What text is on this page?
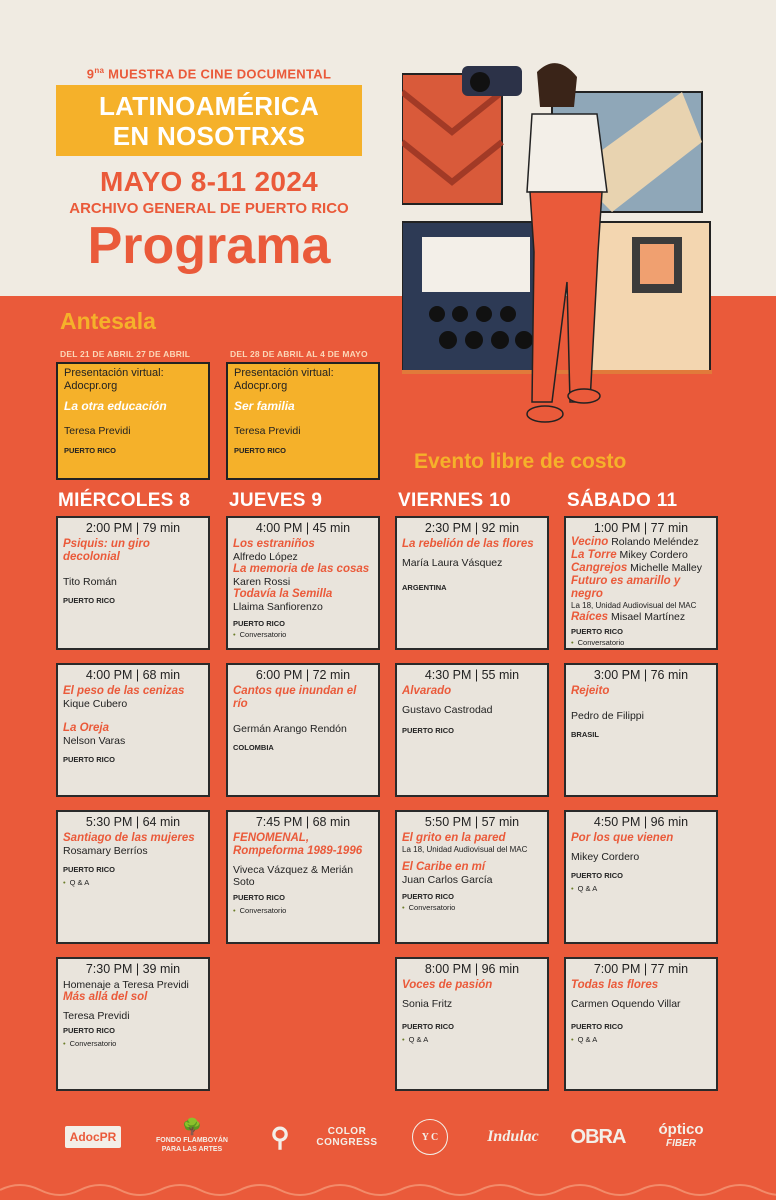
$9^{na}$ MUESTRA DE CINE DOCUMENTAL
LATINOAMÉRICA
EN NOSOTRXS
MAYO 8-11 2024
ARCHIVO GENERAL DE PUERTO RICO
Programa
Antesala
DEL 21 DE ABRIL 27 DE ABRIL
Presentación virtual:
Adocpr.org
La otra educación
Teresa Previdi
PUERTO RICO
DEL 28 DE ABRIL AL 4 DE MAYO
Presentación virtual:
Adocpr.org
Ser familia
Teresa Previdi
PUERTO RICO	Evento libre de costo
MIÉRCOLES 8 JUEVES 9	VIERNES 10	SÁBADO 11
2:00 PM | 79 min
Psiquis: un giro decolonial
Tito Román
PUERTO RICO
4:00 PM | 68 min
El peso de las cenizas
Kique Cubero
La Oreja
Nelson Varas
PUERTO RICO
5:30 PM | 64 min
Santiago de las mujeres
Rosamary Berríos
PUERTO RICO
• Q & A
7:30 PM | 39 min
Homenaje a Teresa Previdi
Más allá del sol
Teresa Previdi
PUERTO RICO
• Conversatorio
4:00 PM | 45 min
Los estraniños
Alfredo López
La memoria de las cosas
Karen Rossi
Todavía la Semilla
Llaima Sanfiorenzo
PUERTO RICO
• Conversatorio
6:00 PM | 72 min
Cantos que inundan el río
Germán Arango Rendón
COLOMBIA
7:45 PM | 68 min
FENOMENAL, Rompeforma 1989-1996
Viveca Vázquez & Merián Soto
PUERTO RICO
• Conversatorio
2:30 PM | 92 min
La rebelión de las flores
María Laura Vásquez
ARGENTINA
4:30 PM | 55 min
Alvarado
Gustavo Castrodad
PUERTO RICO
5:50 PM | 57 min
El grito en la pared
La 18, Unidad Audiovisual del MAC
El Caribe en mí
Juan Carlos García
PUERTO RICO
• Conversatorio
8:00 PM | 96 min
Voces de pasión
Sonia Fritz
PUERTO RICO
• Q & A
1:00 PM | 77 min
Vecino Rolando Meléndez
La Torre Mikey Cordero
Cangrejos Michelle Malley
Futuro es amarillo y negro
La 18, Unidad Audiovisual del MAC
Raíces Misael Martínez
PUERTO RICO
• Conversatorio
3:00 PM | 76 min
Rejeito
Pedro de Filippi
BRASIL
4:50 PM | 96 min
Por los que vienen
Mikey Cordero
PUERTO RICO
• Q & A
7:00 PM | 77 min
Todas las flores
Carmen Oquendo Villar
PUERTO RICO
• Q & A
AdocPR
🌳
FONDO FLAMBOYÁN
PARA LAS ARTES	⚲	COLOR
CONGRESS	Y C	Indulac OBRA óptico
FIBER
